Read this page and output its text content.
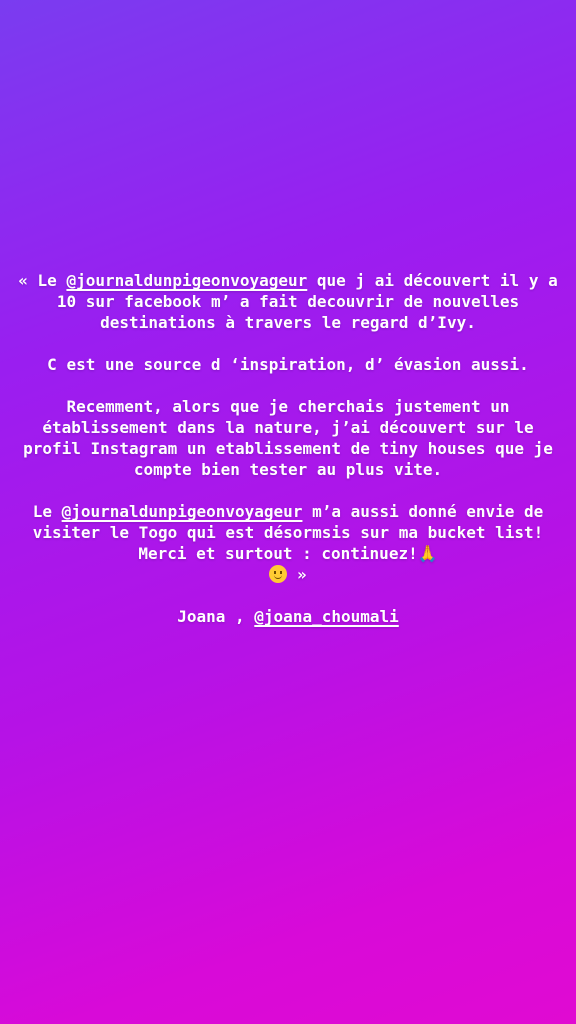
« Le @journaldunpigeonvoyageur que j ai découvert il y a 10 sur facebook m’ a fait decouvrir de nouvelles destinations à travers le regard d’Ivy.

C est une source d ‘inspiration, d’ évasion aussi.

Recemment, alors que je cherchais justement un établissement dans la nature, j’ai découvert sur le profil Instagram un etablissement de tiny houses que je compte bien tester au plus vite.

Le @journaldunpigeonvoyageur m’a aussi donné envie de visiter le Togo qui est désormsis sur ma bucket list! Merci et surtout : continuez!🙏
»

Joana , @joana_choumali
